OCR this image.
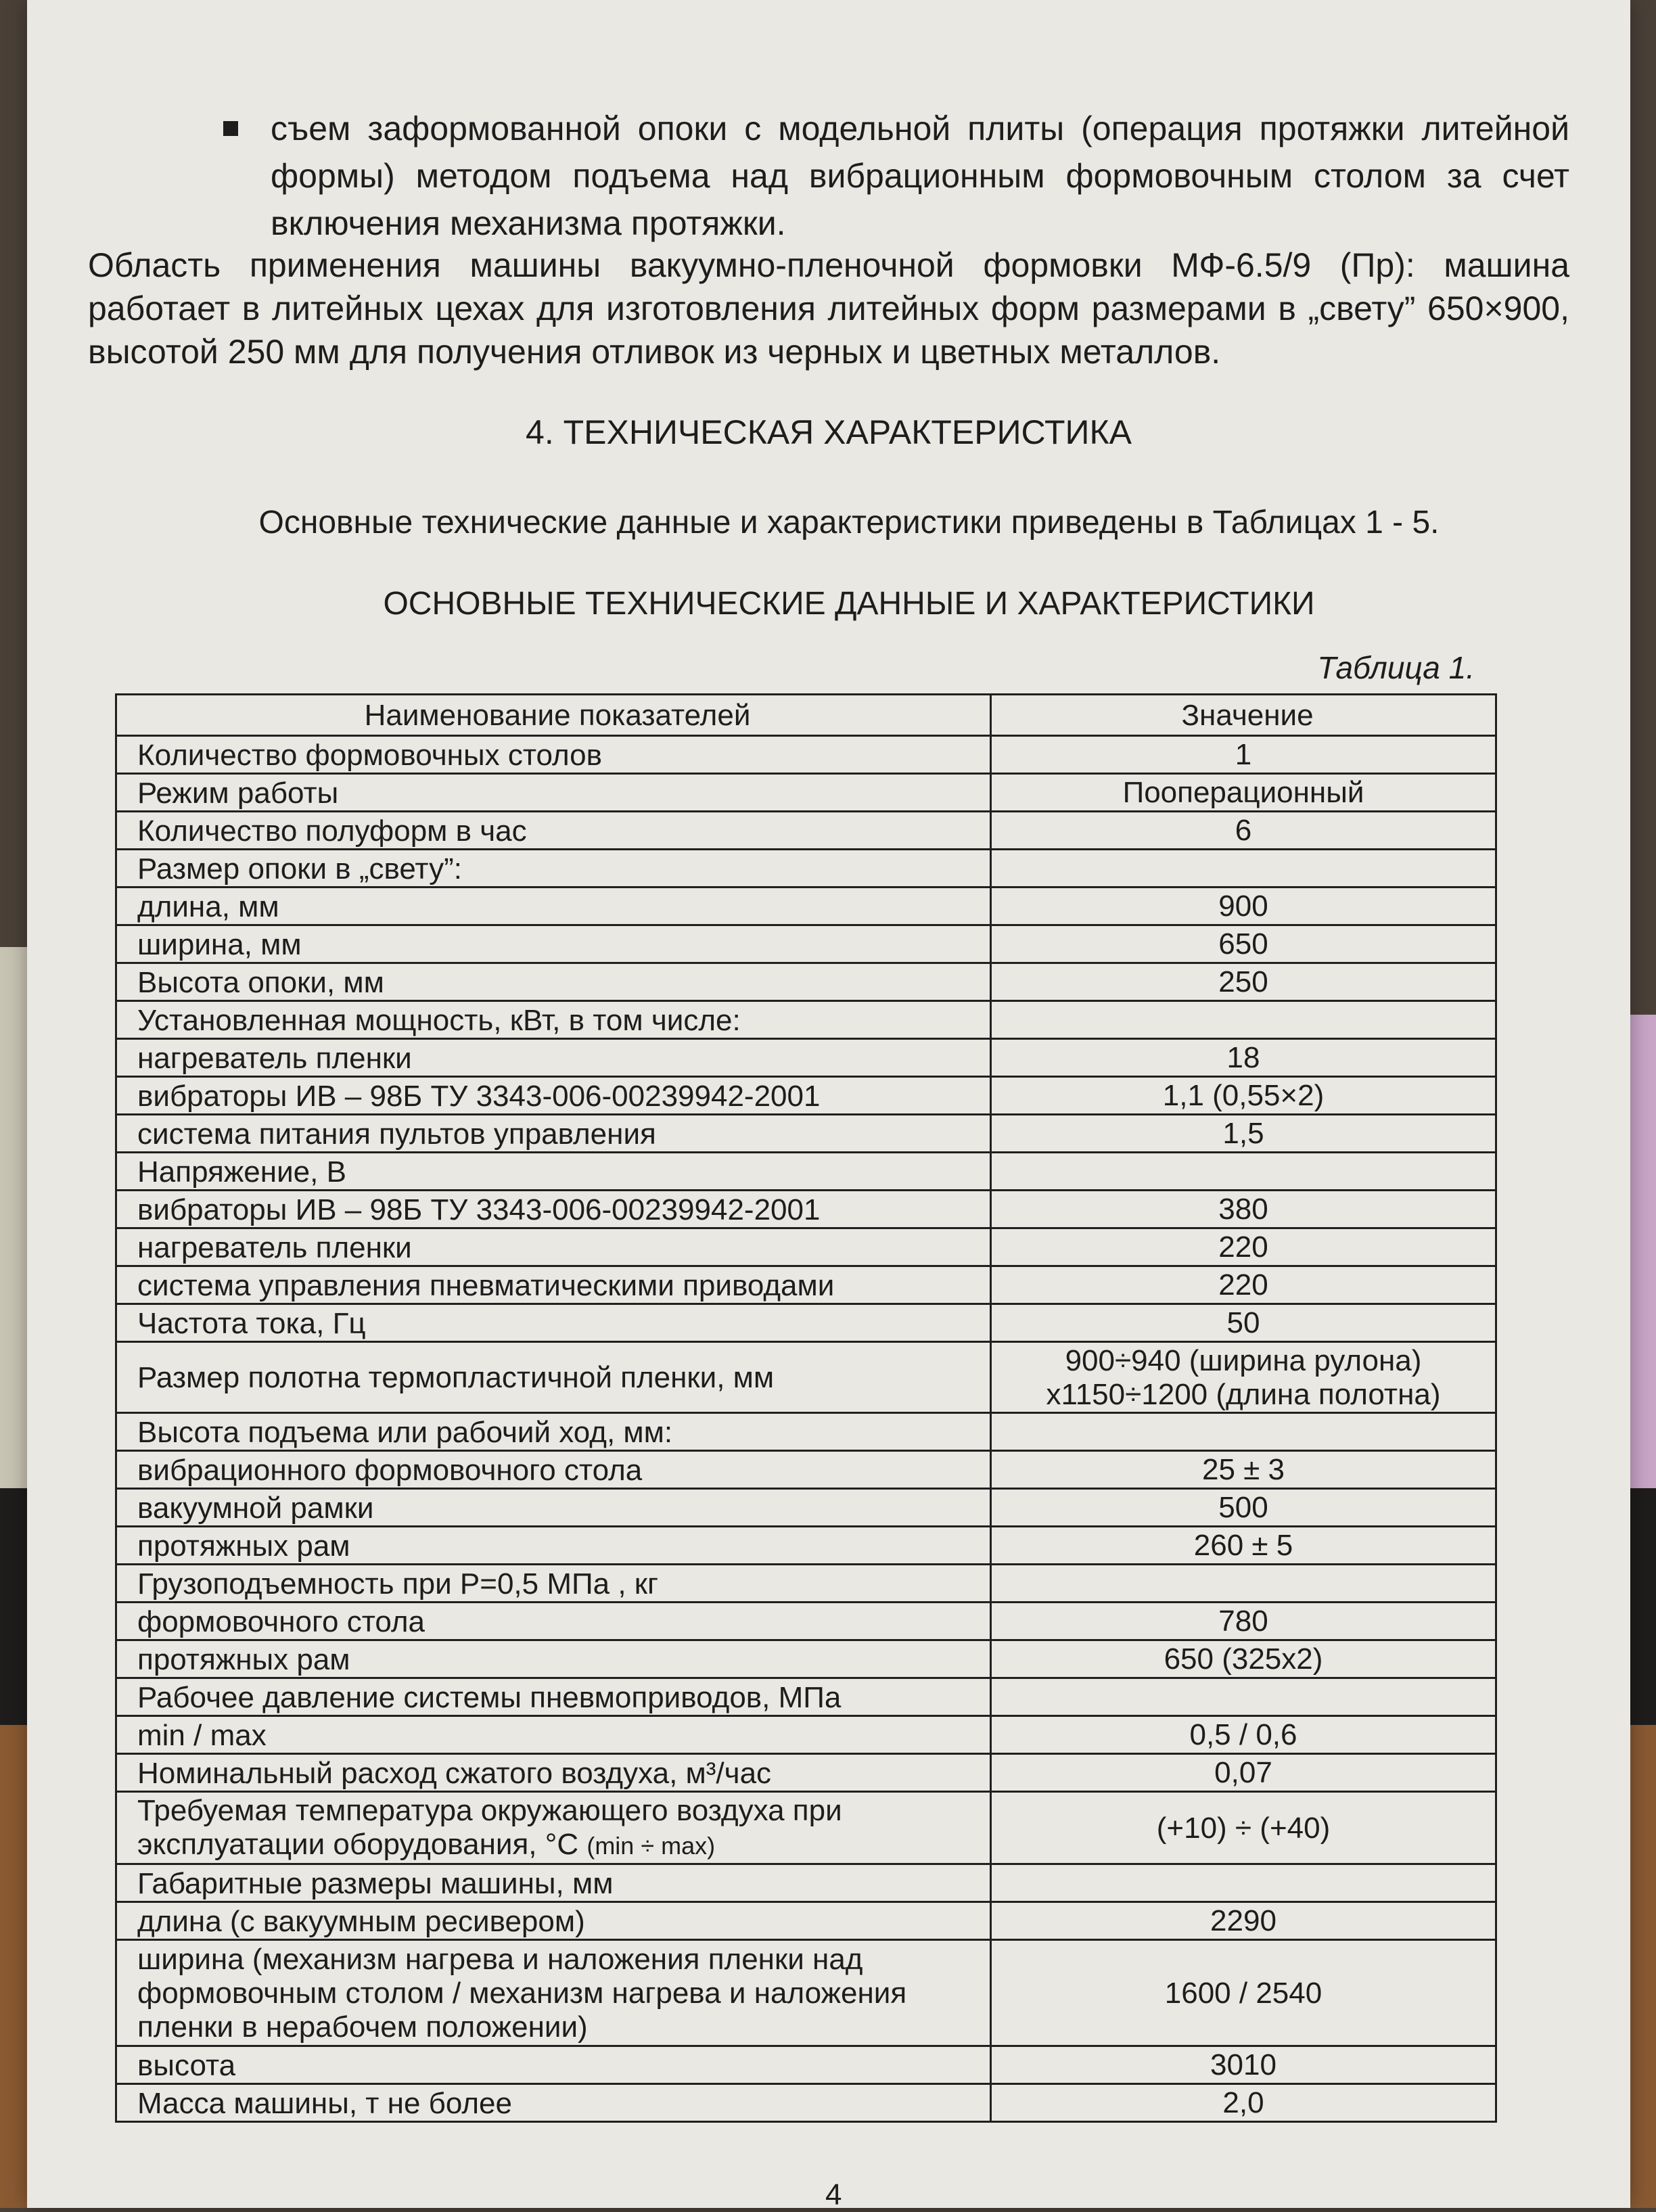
съем заформованной опоки с модельной плиты (операция протяжки литейной формы) методом подъема над вибрационным формовочным столом за счет включения механизма протяжки.
Область применения машины вакуумно-пленочной формовки МФ-6.5/9 (Пр): машина работает в литейных цехах для изготовления литейных форм размерами в „свету” 650×900, высотой 250 мм для получения отливок из черных и цветных металлов.
4. ТЕХНИЧЕСКАЯ ХАРАКТЕРИСТИКА
Основные технические данные и характеристики приведены в Таблицах 1 - 5.
ОСНОВНЫЕ ТЕХНИЧЕСКИЕ ДАННЫЕ И ХАРАКТЕРИСТИКИ
Таблица 1.
Наименование показателей	Значение
Количество формовочных столов	1
Режим работы	Пооперационный
Количество полуформ в час	6
Размер опоки в „свету”:	
длина, мм	900
ширина, мм	650
Высота опоки, мм	250
Установленная мощность, кВт, в том числе:	
нагреватель пленки	18
вибраторы ИВ – 98Б ТУ 3343-006-00239942-2001	1,1 (0,55×2)
система питания пультов управления	1,5
Напряжение, В	
вибраторы ИВ – 98Б ТУ 3343-006-00239942-2001	380
нагреватель пленки	220
система управления пневматическими приводами	220
Частота тока, Гц	50
Размер полотна термопластичной пленки, мм	900÷940 (ширина рулона)
x1150÷1200 (длина полотна)

Высота подъема или рабочий ход, мм:	
вибрационного формовочного стола	25 ± 3
вакуумной рамки	500
протяжных рам	260 ± 5
Грузоподъемность при Р=0,5 МПа , кг	
формовочного стола	780
протяжных рам	650 (325x2)
Рабочее давление системы пневмоприводов, МПа	
min / max	0,5 / 0,6
Номинальный расход сжатого воздуха, м³/час	0,07
Требуемая температура окружающего воздуха при эксплуатации оборудования, °С (min ÷ max)	(+10) ÷ (+40)
Габаритные размеры машины, мм	
длина (с вакуумным ресивером)	2290
ширина (механизм нагрева и наложения пленки над формовочным столом / механизм нагрева и наложения пленки в нерабочем положении)	1600 / 2540
высота	3010
Масса машины, т не более	2,0
4
